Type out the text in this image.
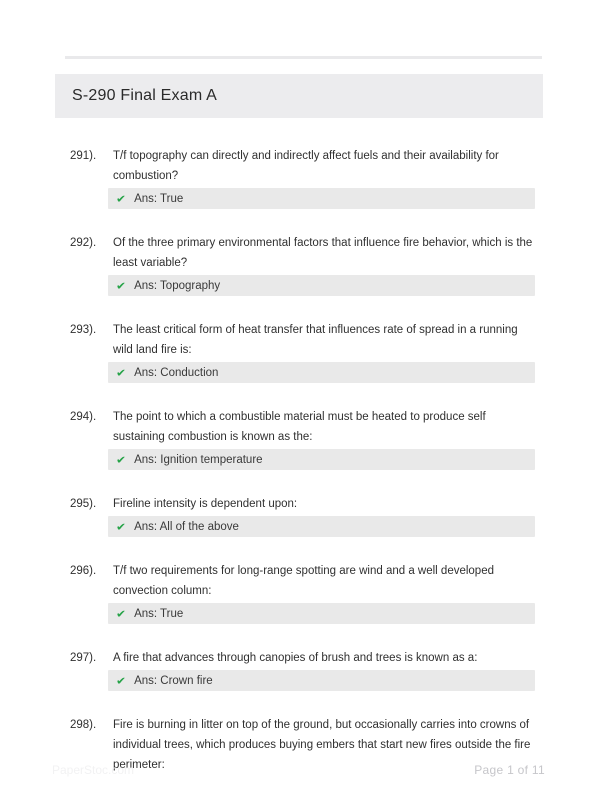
S-290 Final Exam A
291).	T/f topography can directly and indirectly affect fuels and their availability for combustion?
✔ Ans: True
292).	Of the three primary environmental factors that influence fire behavior, which is the least variable?
✔ Ans: Topography
293).	The least critical form of heat transfer that influences rate of spread in a running wild land fire is:
✔ Ans: Conduction
294).	The point to which a combustible material must be heated to produce self sustaining combustion is known as the:
✔ Ans: Ignition temperature
295).	Fireline intensity is dependent upon:
✔ Ans: All of the above
296).	T/f two requirements for long-range spotting are wind and a well developed convection column:
✔ Ans: True
297).	A fire that advances through canopies of brush and trees is known as a:
✔ Ans: Crown fire
298).	Fire is burning in litter on top of the ground, but occasionally carries into crowns of individual trees, which produces buying embers that start new fires outside the fire perimeter:
PaperStoc.com	Page 1 of 11
